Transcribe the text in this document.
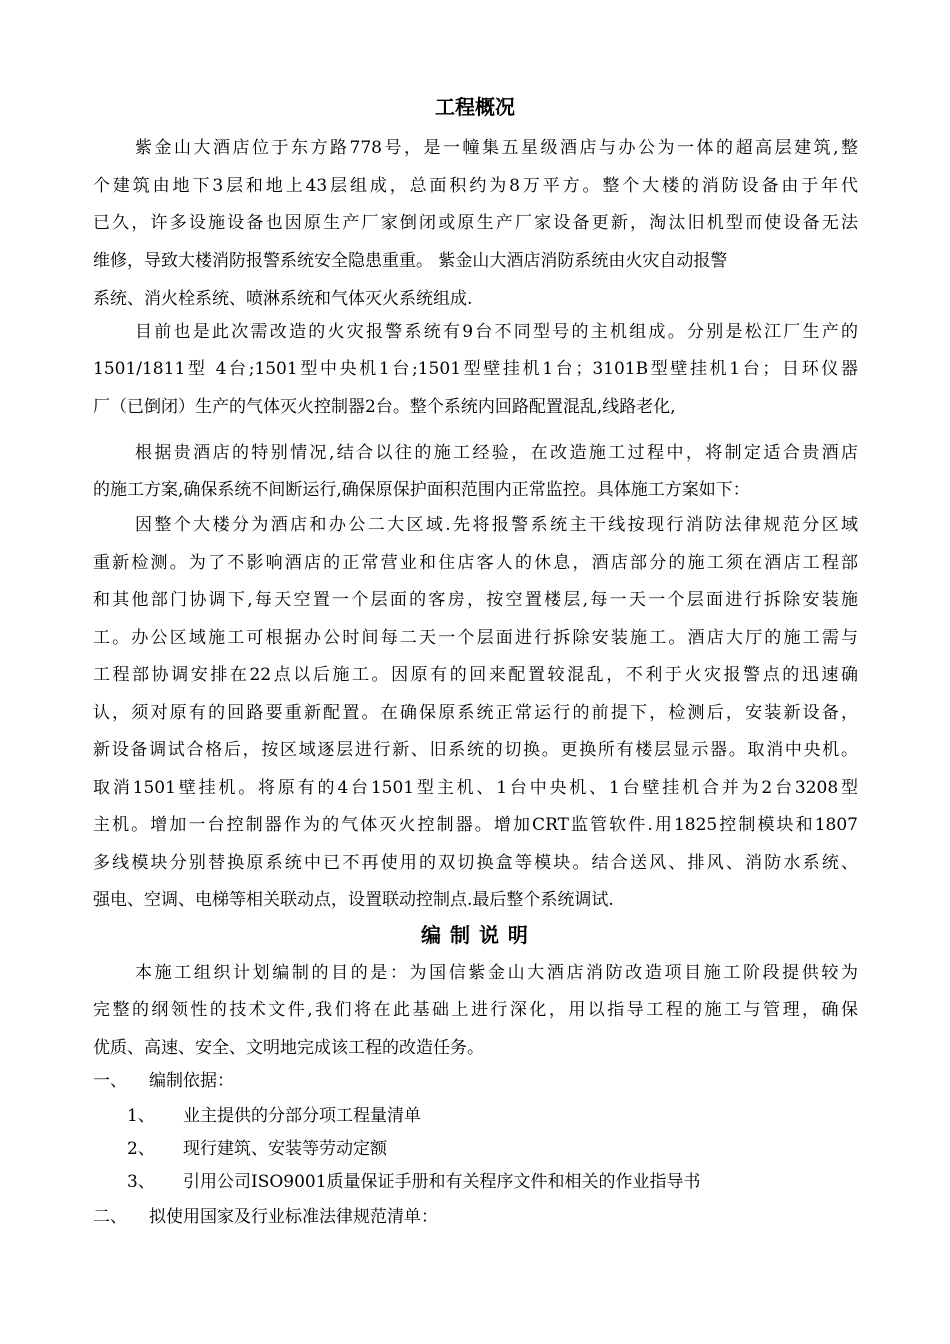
工程概况

紫金山大酒店位于东方路778号，是一幢集五星级酒店与办公为一体的超高层建筑,整

个建筑由地下3层和地上43层组成，总面积约为8万平方。整个大楼的消防设备由于年代

已久，许多设施设备也因原生产厂家倒闭或原生产厂家设备更新，淘汰旧机型而使设备无法

维修，导致大楼消防报警系统安全隐患重重。 紫金山大酒店消防系统由火灾自动报警

系统、消火栓系统、喷淋系统和气体灭火系统组成.

目前也是此次需改造的火灾报警系统有9台不同型号的主机组成。分别是松江厂生产的

1501/1811型 4台;1501型中央机1台;1501型壁挂机1台；3101B型壁挂机1台；日环仪器

厂（已倒闭）生产的气体灭火控制器2台。整个系统内回路配置混乱,线路老化,

根据贵酒店的特别情况,结合以往的施工经验，在改造施工过程中，将制定适合贵酒店

的施工方案,确保系统不间断运行,确保原保护面积范围内正常监控。具体施工方案如下：

因整个大楼分为酒店和办公二大区域.先将报警系统主干线按现行消防法律规范分区域

重新检测。为了不影响酒店的正常营业和住店客人的休息，酒店部分的施工须在酒店工程部

和其他部门协调下,每天空置一个层面的客房，按空置楼层,每一天一个层面进行拆除安装施

工。办公区域施工可根据办公时间每二天一个层面进行拆除安装施工。酒店大厅的施工需与

工程部协调安排在22点以后施工。因原有的回来配置较混乱，不利于火灾报警点的迅速确

认，须对原有的回路要重新配置。在确保原系统正常运行的前提下，检测后，安装新设备，

新设备调试合格后，按区域逐层进行新、旧系统的切换。更换所有楼层显示器。取消中央机。

取消1501壁挂机。将原有的4台1501型主机、1台中央机、1台壁挂机合并为2台3208型

主机。增加一台控制器作为的气体灭火控制器。增加CRT监管软件.用1825控制模块和1807

多线模块分别替换原系统中已不再使用的双切换盒等模块。结合送风、排风、消防水系统、

强电、空调、电梯等相关联动点，设置联动控制点.最后整个系统调试.

编 制 说 明

本施工组织计划编制的目的是：为国信紫金山大酒店消防改造项目施工阶段提供较为

完整的纲领性的技术文件,我们将在此基础上进行深化，用以指导工程的施工与管理，确保

优质、高速、安全、文明地完成该工程的改造任务。

一、 编制依据：

1、 业主提供的分部分项工程量清单

2、 现行建筑、安装等劳动定额

3、 引用公司ISO9001质量保证手册和有关程序文件和相关的作业指导书

二、 拟使用国家及行业标准法律规范清单：
